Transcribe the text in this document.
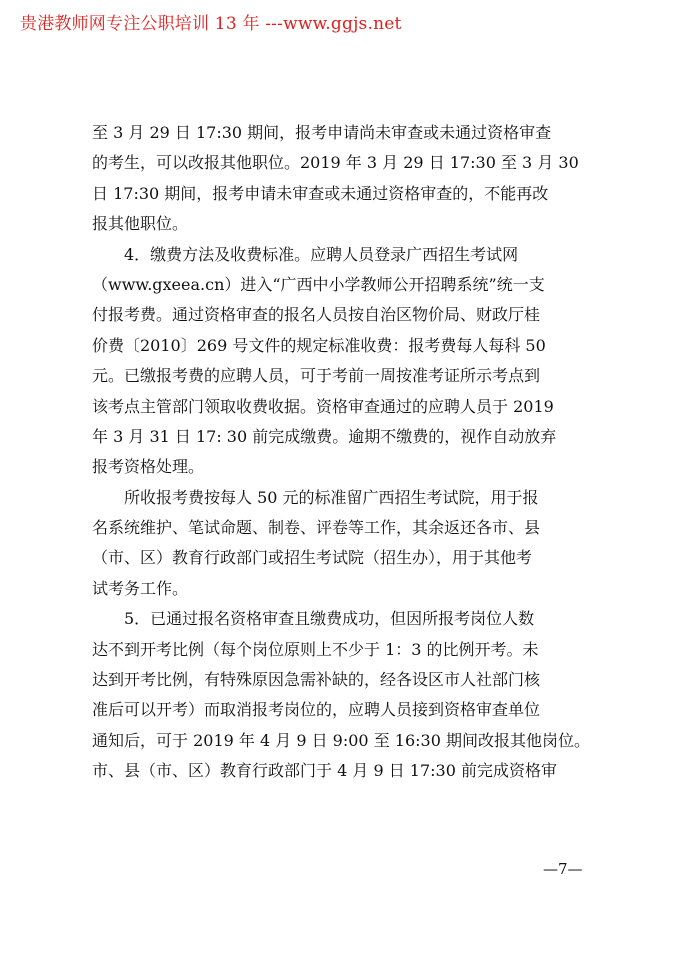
贵港教师网专注公职培训 13 年 ---www.ggjs.net
至 3 月 29 日 17:30 期间，报考申请尚未审查或未通过资格审查
的考生，可以改报其他职位。2019 年 3 月 29 日 17:30 至 3 月 30
日 17:30 期间，报考申请未审查或未通过资格审查的，不能再改
报其他职位。
4．缴费方法及收费标准。应聘人员登录广西招生考试网
（www.gxeea.cn）进入“广西中小学教师公开招聘系统”统一支
付报考费。通过资格审查的报名人员按自治区物价局、财政厅桂
价费〔2010〕269 号文件的规定标准收费：报考费每人每科 50
元。已缴报考费的应聘人员，可于考前一周按准考证所示考点到
该考点主管部门领取收费收据。资格审查通过的应聘人员于 2019
年 3 月 31 日 17: 30 前完成缴费。逾期不缴费的，视作自动放弃
报考资格处理。
所收报考费按每人 50 元的标准留广西招生考试院，用于报
名系统维护、笔试命题、制卷、评卷等工作，其余返还各市、县
（市、区）教育行政部门或招生考试院（招生办），用于其他考
试考务工作。
5．已通过报名资格审查且缴费成功，但因所报考岗位人数
达不到开考比例（每个岗位原则上不少于 1：3 的比例开考。未
达到开考比例，有特殊原因急需补缺的，经各设区市人社部门核
准后可以开考）而取消报考岗位的，应聘人员接到资格审查单位
通知后，可于 2019 年 4 月 9 日 9:00 至 16:30 期间改报其他岗位。
市、县（市、区）教育行政部门于 4 月 9 日 17:30 前完成资格审
—7—
